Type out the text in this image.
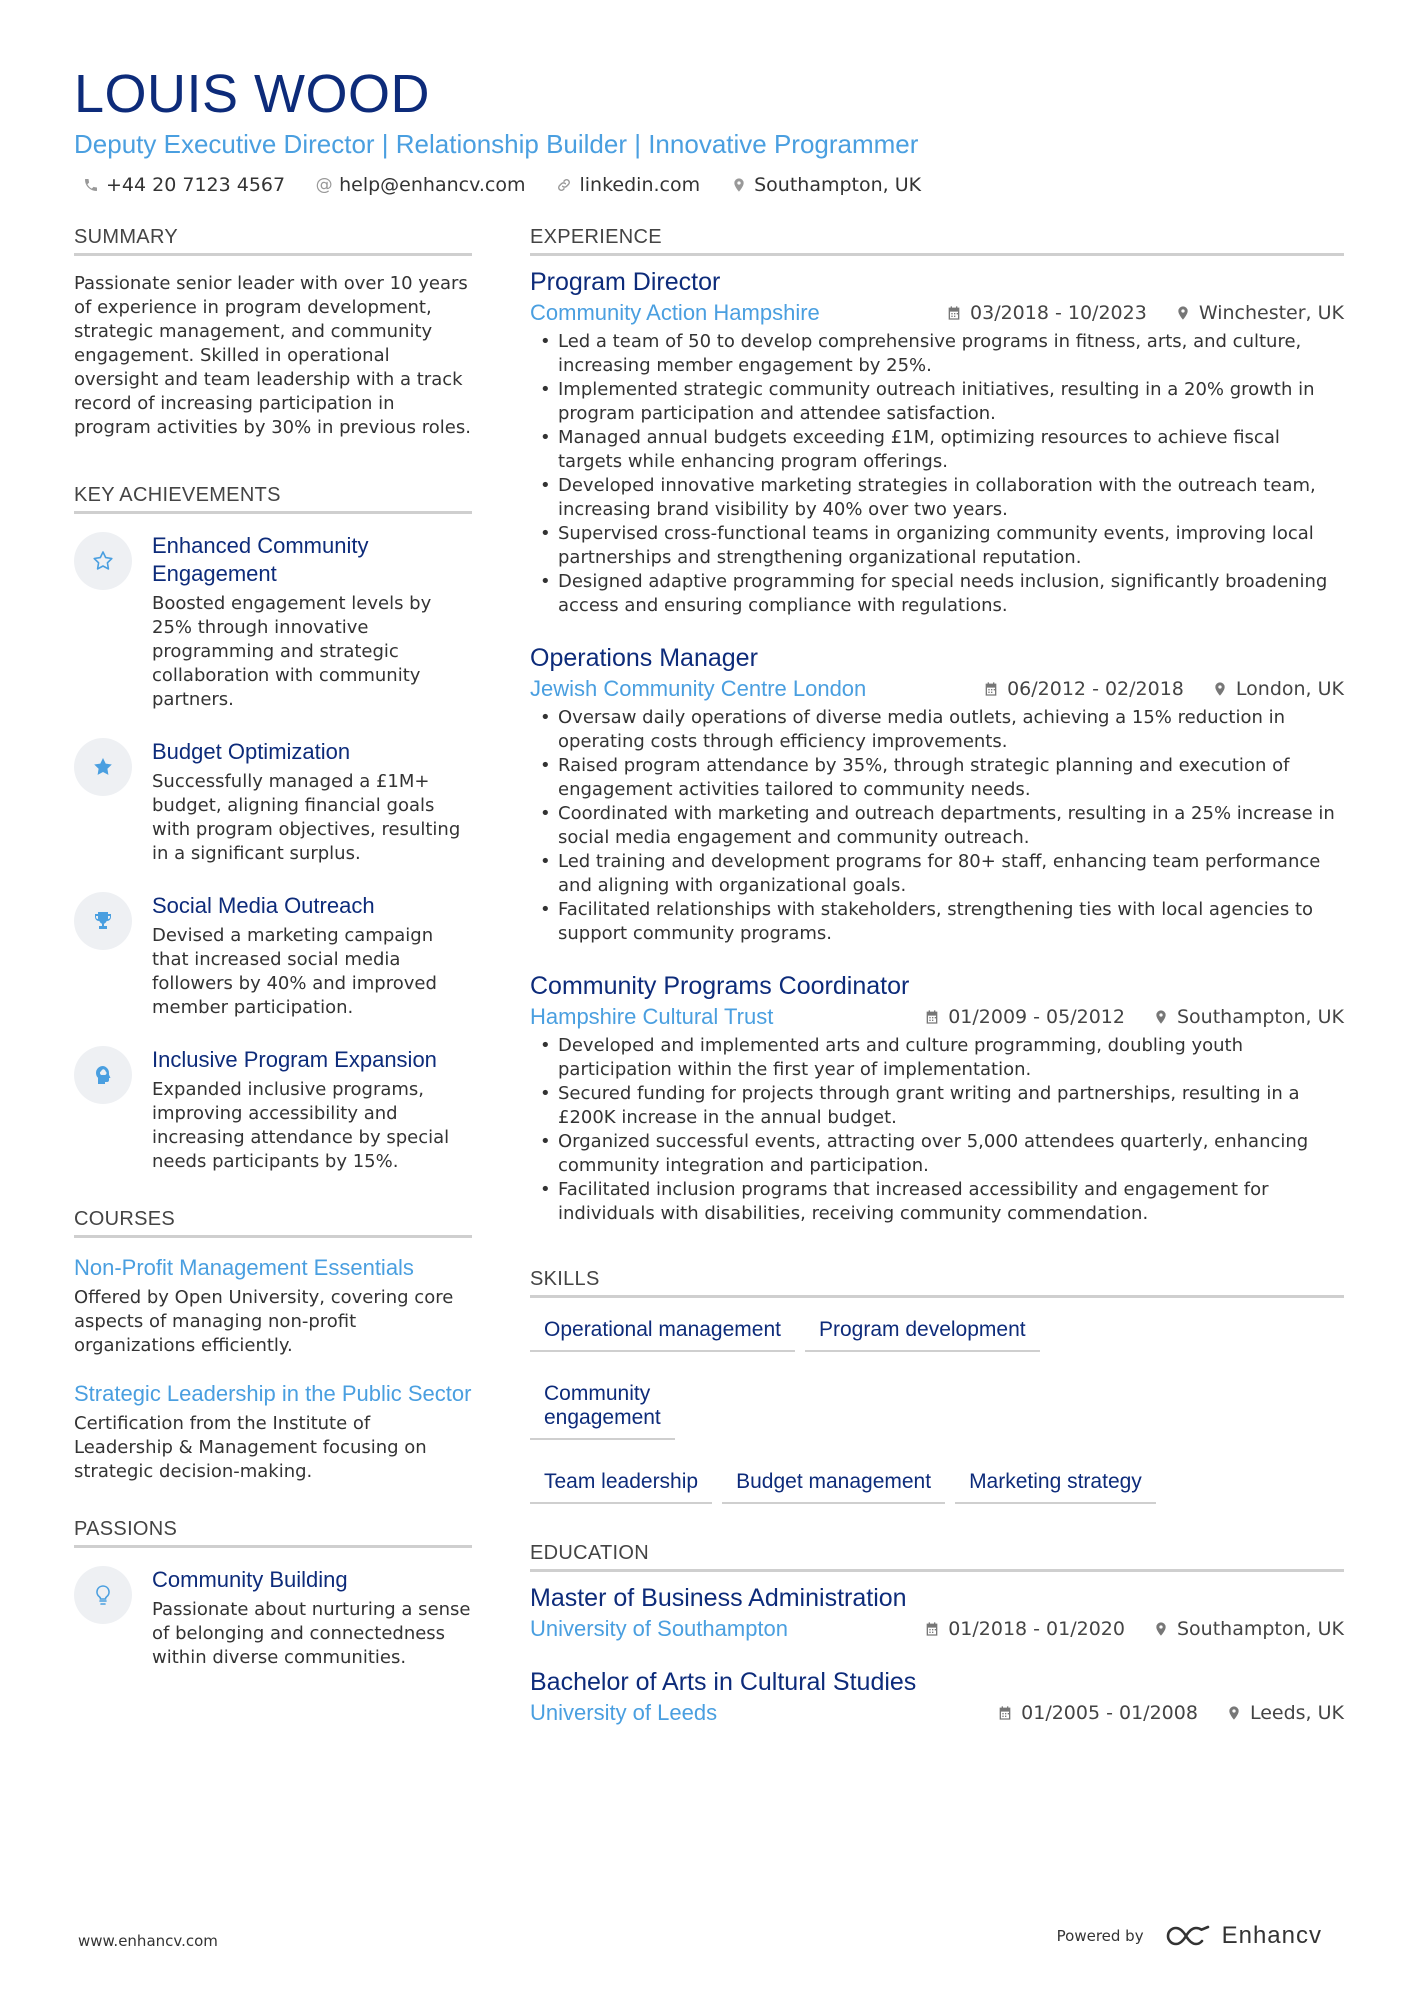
LOUIS WOOD
Deputy Executive Director | Relationship Builder | Innovative Programmer
+44 20 7123 4567 @ help@enhancv.com	linkedin.com	Southampton, UK
SUMMARY
Passionate senior leader with over 10 years of experience in program development, strategic management, and community engagement. Skilled in operational oversight and team leadership with a track record of increasing participation in program activities by 30% in previous roles.
KEY ACHIEVEMENTS
Enhanced Community Engagement
Boosted engagement levels by 25% through innovative programming and strategic collaboration with community partners.
Budget Optimization
Successfully managed a £1M+ budget, aligning financial goals with program objectives, resulting in a significant surplus.
Social Media Outreach
Devised a marketing campaign that increased social media followers by 40% and improved member participation.
Inclusive Program Expansion
Expanded inclusive programs, improving accessibility and increasing attendance by special needs participants by 15%.
COURSES
Non-Profit Management Essentials
Offered by Open University, covering core aspects of managing non-profit organizations efficiently.
Strategic Leadership in the Public Sector
Certification from the Institute of Leadership & Management focusing on strategic decision-making.
PASSIONS
Community Building
Passionate about nurturing a sense of belonging and connectedness within diverse communities.
EXPERIENCE
Program Director
Community Action Hampshire	03/2018 - 10/2023	Winchester, UK
• Led a team of 50 to develop comprehensive programs in fitness, arts, and culture, increasing member engagement by 25%.
• Implemented strategic community outreach initiatives, resulting in a 20% growth in program participation and attendee satisfaction.
• Managed annual budgets exceeding £1M, optimizing resources to achieve fiscal targets while enhancing program offerings.
• Developed innovative marketing strategies in collaboration with the outreach team, increasing brand visibility by 40% over two years.
• Supervised cross-functional teams in organizing community events, improving local partnerships and strengthening organizational reputation.
• Designed adaptive programming for special needs inclusion, significantly broadening access and ensuring compliance with regulations.
Operations Manager
Jewish Community Centre London	06/2012 - 02/2018	London, UK
• Oversaw daily operations of diverse media outlets, achieving a 15% reduction in operating costs through efficiency improvements.
• Raised program attendance by 35%, through strategic planning and execution of engagement activities tailored to community needs.
• Coordinated with marketing and outreach departments, resulting in a 25% increase in social media engagement and community outreach.
• Led training and development programs for 80+ staff, enhancing team performance and aligning with organizational goals.
• Facilitated relationships with stakeholders, strengthening ties with local agencies to support community programs.
Community Programs Coordinator
Hampshire Cultural Trust	01/2009 - 05/2012	Southampton, UK
• Developed and implemented arts and culture programming, doubling youth participation within the first year of implementation.
• Secured funding for projects through grant writing and partnerships, resulting in a £200K increase in the annual budget.
• Organized successful events, attracting over 5,000 attendees quarterly, enhancing community integration and participation.
• Facilitated inclusion programs that increased accessibility and engagement for individuals with disabilities, receiving community commendation.
SKILLS
Operational management	Program development
Community engagement
Team leadership	Budget management	Marketing strategy
EDUCATION
Master of Business Administration
University of Southampton	01/2018 - 01/2020	Southampton, UK
Bachelor of Arts in Cultural Studies
University of Leeds	01/2005 - 01/2008	Leeds, UK
www.enhancv.com	Powered by	Enhancv
